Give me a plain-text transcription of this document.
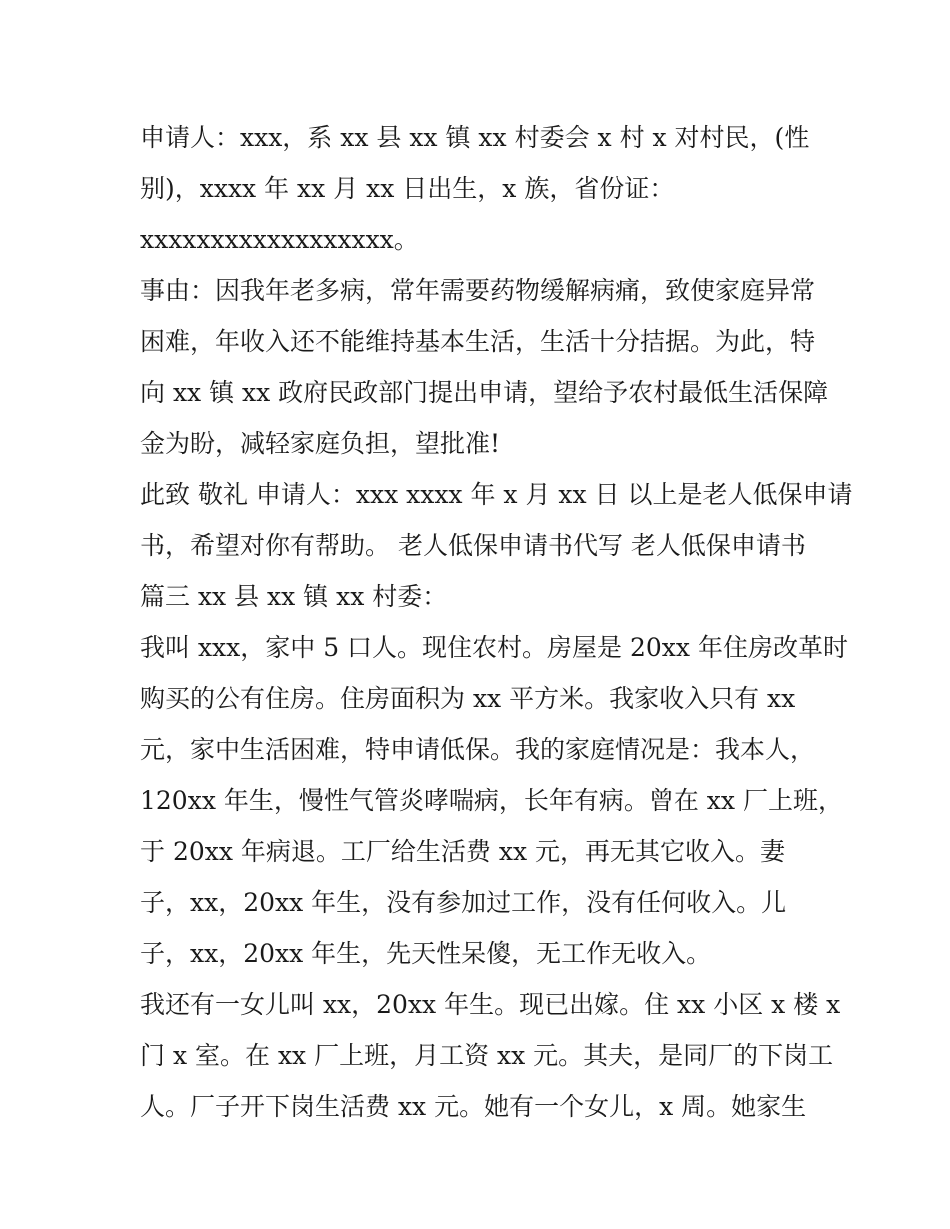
申请人：xxx，系 xx 县 xx 镇 xx 村委会 x 村 x 对村民，(性
别)，xxxx 年 xx 月 xx 日出生，x 族，省份证：
xxxxxxxxxxxxxxxxxx。
事由：因我年老多病，常年需要药物缓解病痛，致使家庭异常
困难，年收入还不能维持基本生活，生活十分拮据。为此，特
向 xx 镇 xx 政府民政部门提出申请，望给予农村最低生活保障
金为盼，减轻家庭负担，望批准!
此致 敬礼 申请人：xxx xxxx 年 x 月 xx 日 以上是老人低保申请
书，希望对你有帮助。 老人低保申请书代写 老人低保申请书
篇三 xx 县 xx 镇 xx 村委：
我叫 xxx，家中 5 口人。现住农村。房屋是 20xx 年住房改革时
购买的公有住房。住房面积为 xx 平方米。我家收入只有 xx
元，家中生活困难，特申请低保。我的家庭情况是：我本人，
120xx 年生，慢性气管炎哮喘病，长年有病。曾在 xx 厂上班，
于 20xx 年病退。工厂给生活费 xx 元，再无其它收入。妻
子，xx，20xx 年生，没有参加过工作，没有任何收入。儿
子，xx，20xx 年生，先天性呆傻，无工作无收入。
我还有一女儿叫 xx，20xx 年生。现已出嫁。住 xx 小区 x 楼 x
门 x 室。在 xx 厂上班，月工资 xx 元。其夫，是同厂的下岗工
人。厂子开下岗生活费 xx 元。她有一个女儿，x 周。她家生
